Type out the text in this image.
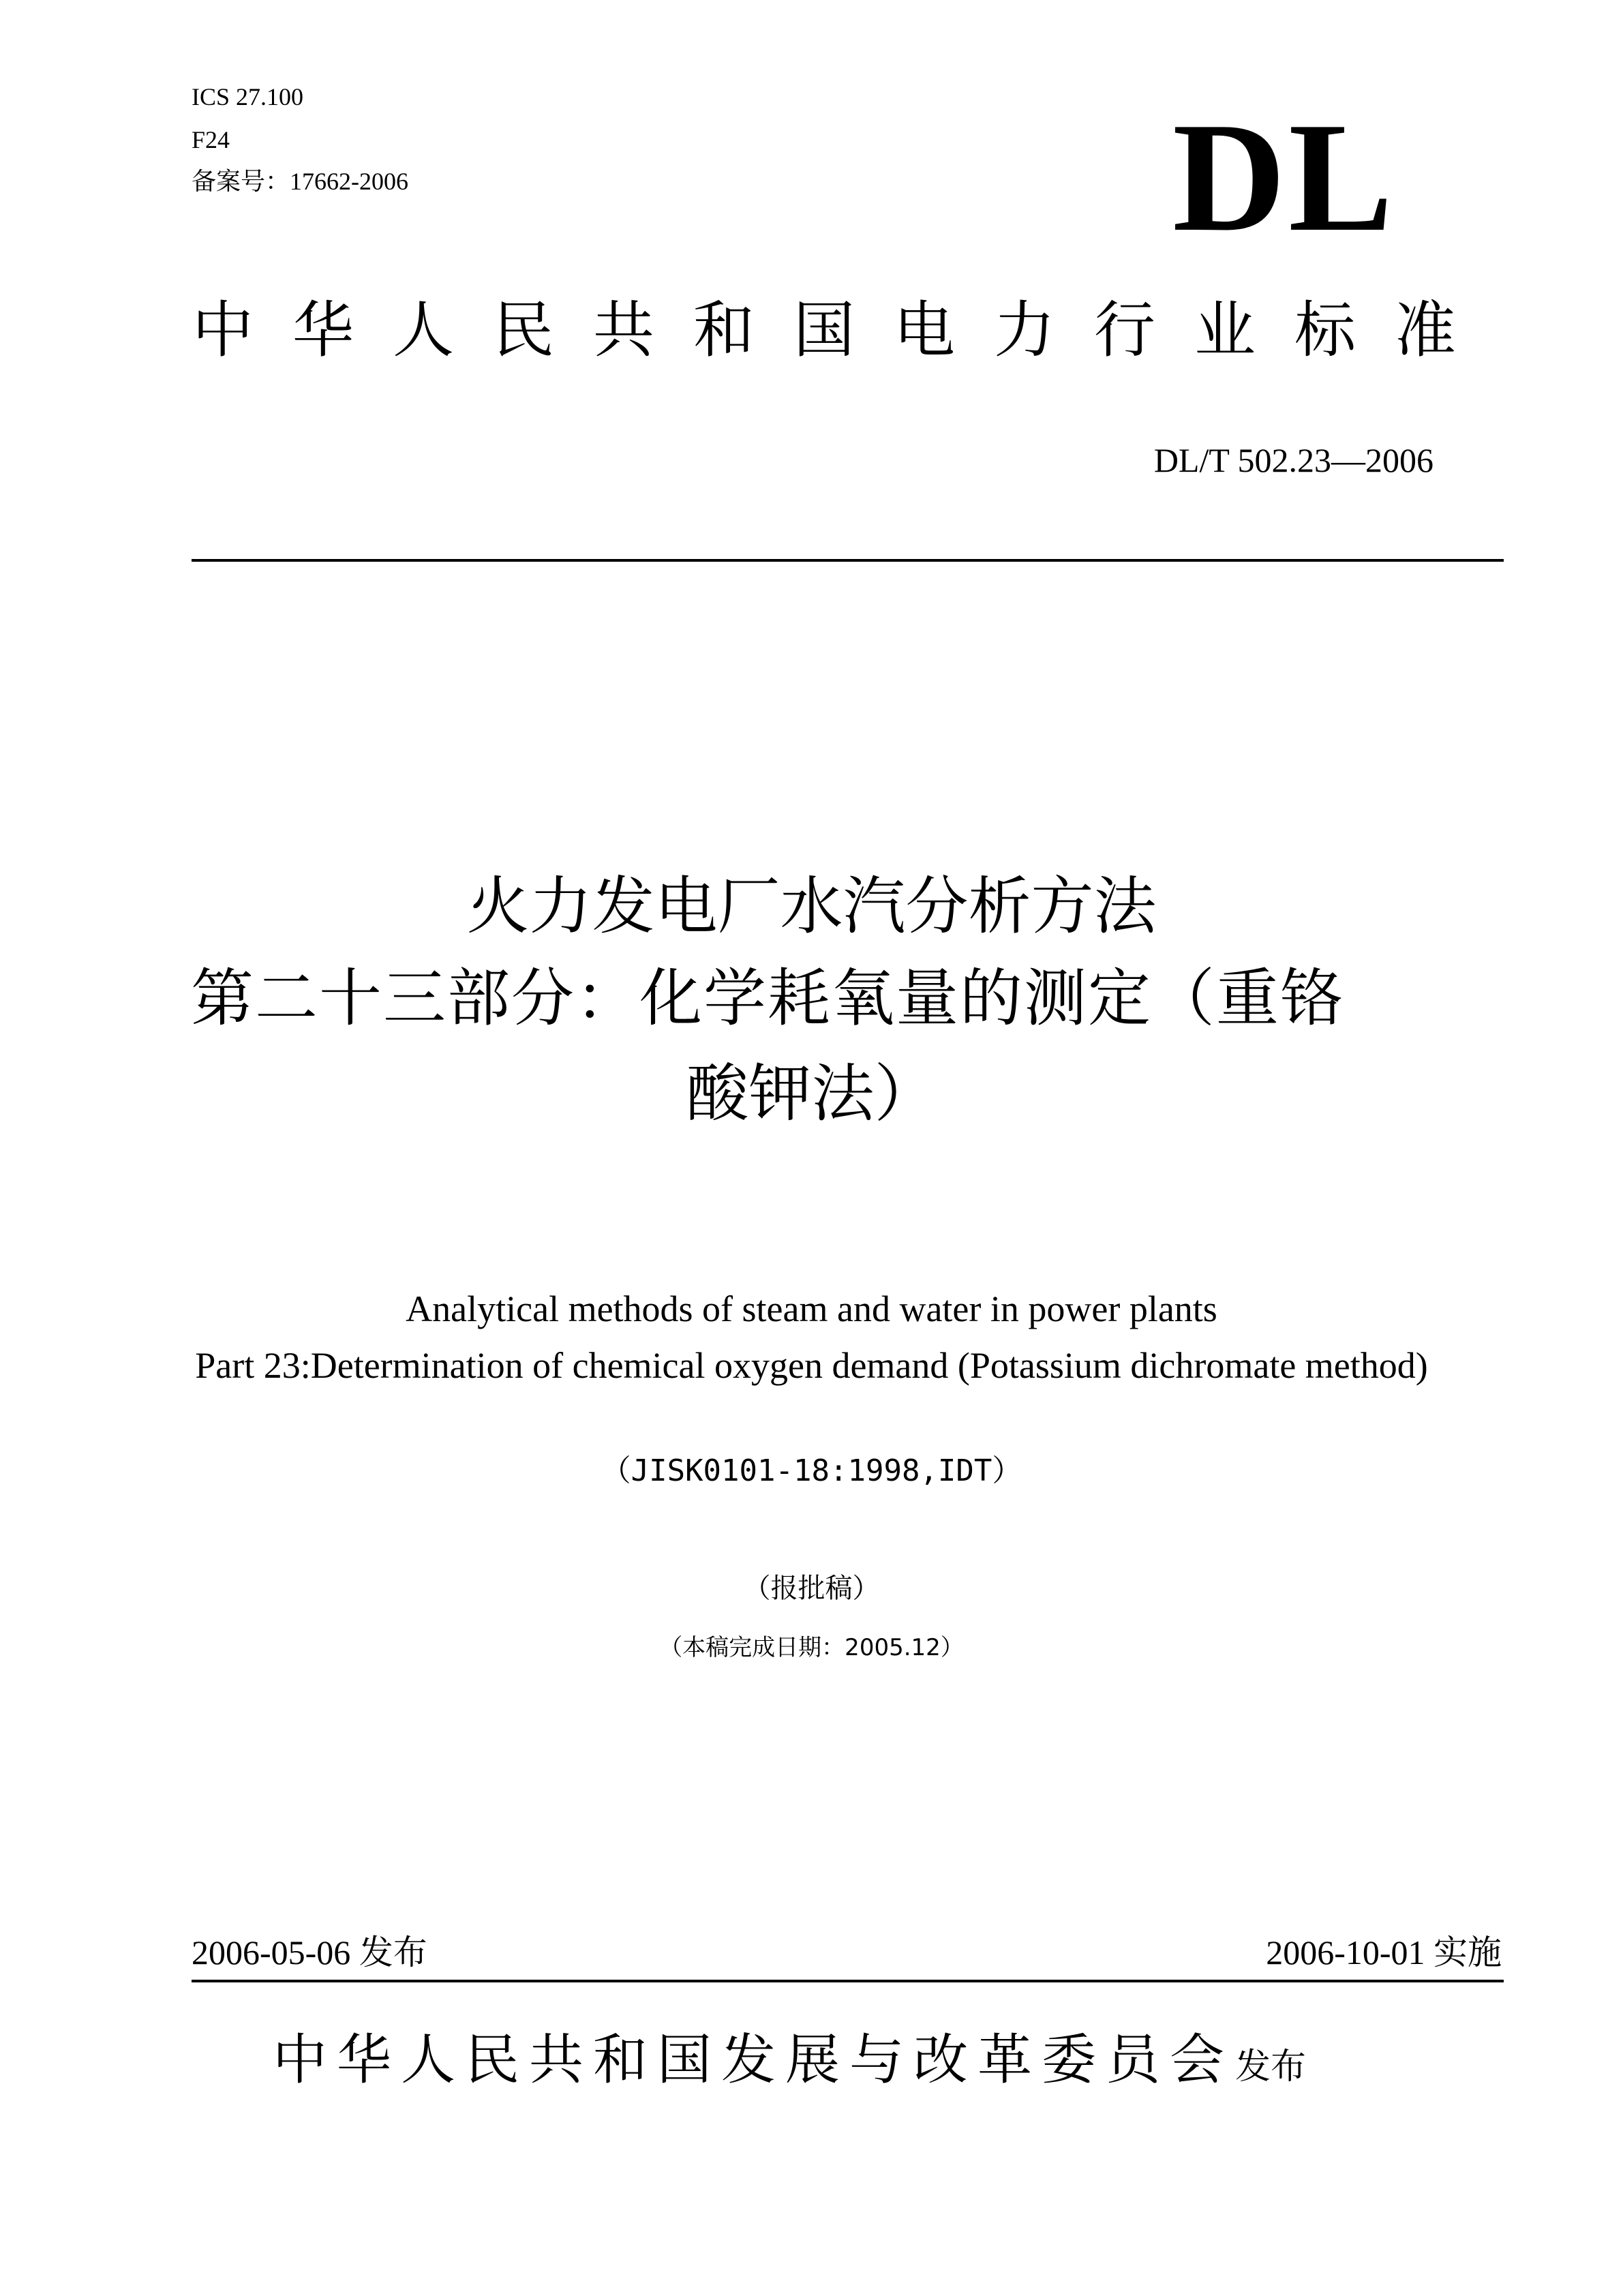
ICS 27.100
F24
备案号：17662-2006	DL
中华人民共和国电力行业标准
DL/T 502.23—2006
火力发电厂水汽分析方法
第二十三部分：化学耗氧量的测定（重铬
酸钾法）
Analytical methods of steam and water in power plants
Part 23:Determination of chemical oxygen demand (Potassium dichromate method)
（JISK0101-18:1998,IDT）
（报批稿）
（本稿完成日期：2005.12）
2006-05-06 发布	2006-10-01 实施
中华人民共和国发展与改革委员会发布
